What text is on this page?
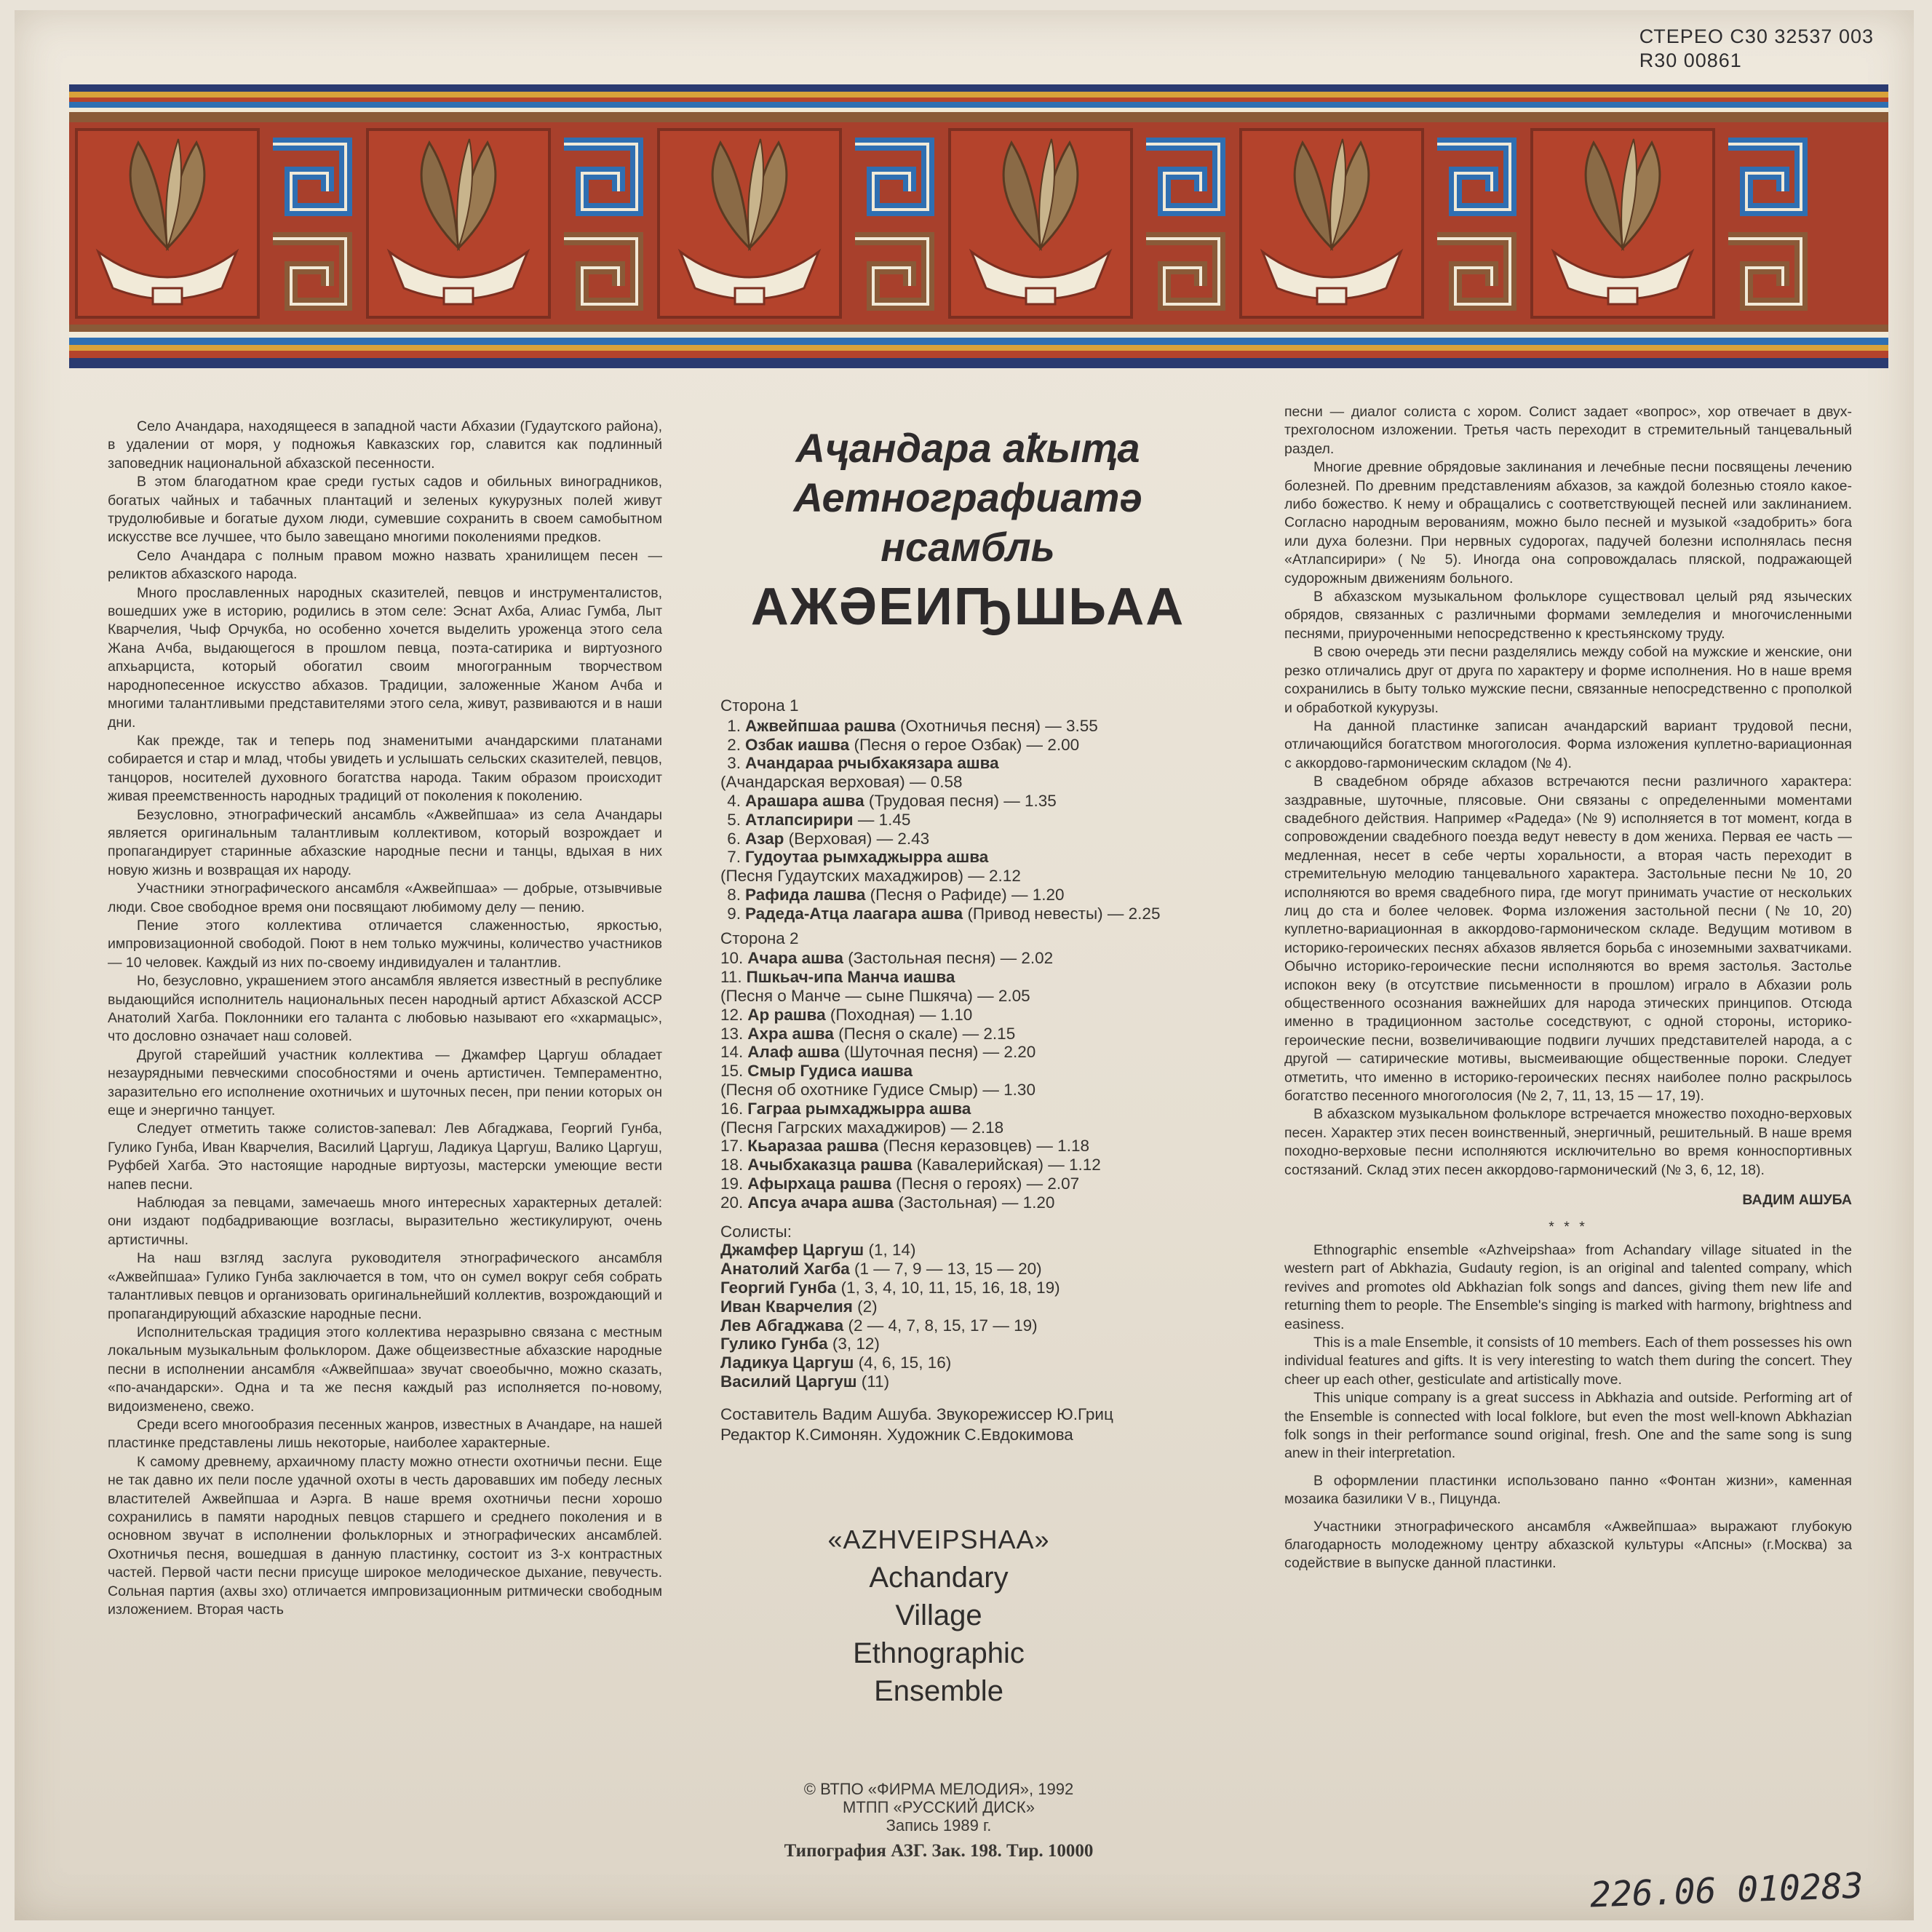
СТЕРЕО С30 32537 003
R30 00861

Село Ачандара, находящееся в западной части Абхазии (Гудаутского района), в удалении от моря, у подножья Кавказских гор, славится как подлинный заповедник национальной абхазской песенности.

В этом благодатном крае среди густых садов и обильных виноградников, богатых чайных и табачных плантаций и зеленых кукурузных полей живут трудолюбивые и богатые духом люди, сумевшие сохранить в своем самобытном искусстве все лучшее, что было завещано многими поколениями предков.

Село Ачандара с полным правом можно назвать хранилищем песен — реликтов абхазского народа.

Много прославленных народных сказителей, певцов и инструменталистов, вошедших уже в историю, родились в этом селе: Эснат Ахба, Алиас Гумба, Лыт Кварчелия, Чыф Орчукба, но особенно хочется выделить уроженца этого села Жана Ачба, выдающегося в прошлом певца, поэта-сатирика и виртуозного апхьарциста, который обогатил своим многогранным творчеством народнопесенное искусство абхазов. Традиции, заложенные Жаном Ачба и многими талантливыми представителями этого села, живут, развиваются и в наши дни.

Как прежде, так и теперь под знаменитыми ачандарскими платанами собирается и стар и млад, чтобы увидеть и услышать сельских сказителей, певцов, танцоров, носителей духовного богатства народа. Таким образом происходит живая преемственность народных традиций от поколения к поколению.

Безусловно, этнографический ансамбль «Ажвейпшаа» из села Ачандары является оригинальным талантливым коллективом, который возрождает и пропагандирует старинные абхазские народные песни и танцы, вдыхая в них новую жизнь и возвращая их народу.

Участники этнографического ансамбля «Ажвейпшаа» — добрые, отзывчивые люди. Свое свободное время они посвящают любимому делу — пению.

Пение этого коллектива отличается слаженностью, яркостью, импровизационной свободой. Поют в нем только мужчины, количество участников — 10 человек. Каждый из них по-своему индивидуален и талантлив.

Но, безусловно, украшением этого ансамбля является известный в республике выдающийся исполнитель национальных песен народный артист Абхазской АССР Анатолий Хагба. Поклонники его таланта с любовью называют его «хкармацыс», что дословно означает наш соловей.

Другой старейший участник коллектива — Джамфер Царгуш обладает незаурядными певческими способностями и очень артистичен. Темпераментно, заразительно его исполнение охотничьих и шуточных песен, при пении которых он еще и энергично танцует.

Следует отметить также солистов-запевал: Лев Абгаджава, Георгий Гунба, Гулико Гунба, Иван Кварчелия, Василий Царгуш, Ладикуа Царгуш, Валико Царгуш, Руфбей Хагба. Это настоящие народные виртуозы, мастерски умеющие вести напев песни.

Наблюдая за певцами, замечаешь много интересных характерных деталей: они издают подбадривающие возгласы, выразительно жестикулируют, очень артистичны.

На наш взгляд заслуга руководителя этнографического ансамбля «Ажвейпшаа» Гулико Гунба заключается в том, что он сумел вокруг себя собрать талантливых певцов и организовать оригинальнейший коллектив, возрождающий и пропагандирующий абхазские народные песни.

Исполнительская традиция этого коллектива неразрывно связана с местным локальным музыкальным фольклором. Даже общеизвестные абхазские народные песни в исполнении ансамбля «Ажвейпшаа» звучат своеобычно, можно сказать, «по-ачандарски». Одна и та же песня каждый раз исполняется по-новому, видоизменено, свежо.

Среди всего многообразия песенных жанров, известных в Ачандаре, на нашей пластинке представлены лишь некоторые, наиболее характерные.

К самому древнему, архаичному пласту можно отнести охотничьи песни. Еще не так давно их пели после удачной охоты в честь даровавших им победу лесных властителей Ажвейпшаа и Аэрга. В наше время охотничьи песни хорошо сохранились в памяти народных певцов старшего и среднего поколения и в основном звучат в исполнении фольклорных и этнографических ансамблей. Охотничья песня, вошедшая в данную пластинку, состоит из 3-х контрастных частей. Первой части песни присуще широкое мелодическое дыхание, певучесть. Сольная партия (ахвы зхо) отличается импровизационным ритмически свободным изложением. Вторая часть

Аҷандара аҟыҭа
Аетнографиатә
нсамбль
АЖӘЕИҦШЬАА
Сторона 1
1. Ажвейпшаа рашва (Охотничья песня) — 3.55
2. Озбак иашва (Песня о герое Озбак) — 2.00
3. Ачандараа рчыбхакязара ашва
(Ачандарская верховая) — 0.58
4. Арашара ашва (Трудовая песня) — 1.35
5. Атлапсирири — 1.45
6. Азар (Верховая) — 2.43
7. Гудоутаа рымхаджырра ашва
(Песня Гудаутских махаджиров) — 2.12
8. Рафида лашва (Песня о Рафиде) — 1.20
9. Радеда-Атца лаагара ашва (Привод невесты) — 2.25
Сторона 2
10. Ачара ашва (Застольная песня) — 2.02
11. Пшкьач-ипа Манча иашва
(Песня о Манче — сыне Пшкяча) — 2.05
12. Ар рашва (Походная) — 1.10
13. Ахра ашва (Песня о скале) — 2.15
14. Алаф ашва (Шуточная песня) — 2.20
15. Смыр Гудиса иашва
(Песня об охотнике Гудисе Смыр) — 1.30
16. Гаграа рымхаджырра ашва
(Песня Гагрских махаджиров) — 2.18
17. Кьаразаа рашва (Песня керазовцев) — 1.18
18. Ачыбхаказца рашва (Кавалерийская) — 1.12
19. Афырхаца рашва (Песня о героях) — 2.07
20. Апсуа ачара ашва (Застольная) — 1.20
Солисты:
Джамфер Царгуш (1, 14)
Анатолий Хагба (1 — 7, 9 — 13, 15 — 20)
Георгий Гунба (1, 3, 4, 10, 11, 15, 16, 18, 19)
Иван Кварчелия (2)
Лев Абгаджава (2 — 4, 7, 8, 15, 17 — 19)
Гулико Гунба (3, 12)
Ладикуа Царгуш (4, 6, 15, 16)
Василий Царгуш (11)
Составитель Вадим Ашуба. Звукорежиссер Ю.Гриц
Редактор К.Симонян. Художник С.Евдокимова
«AZHVEIPSHAA»
Achandary
Village
Ethnographic
Ensemble
© ВТПО «ФИРМА МЕЛОДИЯ», 1992
МТПП «РУССКИЙ ДИСК»
Запись 1989 г.
Типография АЗГ. Зак. 198. Тир. 10000

песни — диалог солиста с хором. Солист задает «вопрос», хор отвечает в двух-трехголосном изложении. Третья часть переходит в стремительный танцевальный раздел.

Многие древние обрядовые заклинания и лечебные песни посвящены лечению болезней. По древним представлениям абхазов, за каждой болезнью стояло какое-либо божество. К нему и обращались с соответствующей песней или заклинанием. Согласно народным верованиям, можно было песней и музыкой «задобрить» бога или духа болезни. При нервных судорогах, падучей болезни исполнялась песня «Атлапсирири» (№ 5). Иногда она сопровождалась пляской, подражающей судорожным движениям больного.

В абхазском музыкальном фольклоре существовал целый ряд языческих обрядов, связанных с различными формами земледелия и многочисленными песнями, приуроченными непосредственно к крестьянскому труду.

В свою очередь эти песни разделялись между собой на мужские и женские, они резко отличались друг от друга по характеру и форме исполнения. Но в наше время сохранились в быту только мужские песни, связанные непосредственно с прополкой и обработкой кукурузы.

На данной пластинке записан ачандарский вариант трудовой песни, отличающийся богатством многоголосия. Форма изложения куплетно-вариационная с аккордово-гармоническим складом (№ 4).

В свадебном обряде абхазов встречаются песни различного характера: заздравные, шуточные, плясовые. Они связаны с определенными моментами свадебного действия. Например «Радеда» (№ 9) исполняется в тот момент, когда в сопровождении свадебного поезда ведут невесту в дом жениха. Первая ее часть — медленная, несет в себе черты хоральности, а вторая часть переходит в стремительную мелодию танцевального характера. Застольные песни № 10, 20 исполняются во время свадебного пира, где могут принимать участие от нескольких лиц до ста и более человек. Форма изложения застольной песни (№ 10, 20) куплетно-вариационная в аккордово-гармоническом складе. Ведущим мотивом в историко-героических песнях абхазов является борьба с иноземными захватчиками. Обычно историко-героические песни исполняются во время застолья. Застолье испокон веку (в отсутствие письменности в прошлом) играло в Абхазии роль общественного осознания важнейших для народа этических принципов. Отсюда именно в традиционном застолье соседствуют, с одной стороны, историко-героические песни, возвеличивающие подвиги лучших представителей народа, а с другой — сатирические мотивы, высмеивающие общественные пороки. Следует отметить, что именно в историко-героических песнях наиболее полно раскрылось богатство песенного многоголосия (№ 2, 7, 11, 13, 15 — 17, 19).

В абхазском музыкальном фольклоре встречается множество походно-верховых песен. Характер этих песен воинственный, энергичный, решительный. В наше время походно-верховые песни исполняются исключительно во время конноспортивных состязаний. Склад этих песен аккордово-гармонический (№ 3, 6, 12, 18).

ВАДИМ АШУБА
* * *

Ethnographic ensemble «Azhveipshaa» from Achandary village situated in the western part of Abkhazia, Gudauty region, is an original and talented company, which revives and promotes old Abkhazian folk songs and dances, giving them new life and returning them to people. The Ensemble's singing is marked with harmony, brightness and easiness.

This is a male Ensemble, it consists of 10 members. Each of them possesses his own individual features and gifts. It is very interesting to watch them during the concert. They cheer up each other, gesticulate and artistically move.

This unique company is a great success in Abkhazia and outside. Performing art of the Ensemble is connected with local folklore, but even the most well-known Abkhazian folk songs in their performance sound original, fresh. One and the same song is sung anew in their interpretation.

В оформлении пластинки использовано панно «Фонтан жизни», каменная мозаика базилики V в., Пицунда.

Участники этнографического ансамбля «Ажвейпшаа» выражают глубокую благодарность молодежному центру абхазской культуры «Апсны» (г.Москва) за содействие в выпуске данной пластинки.

226.06 010283
